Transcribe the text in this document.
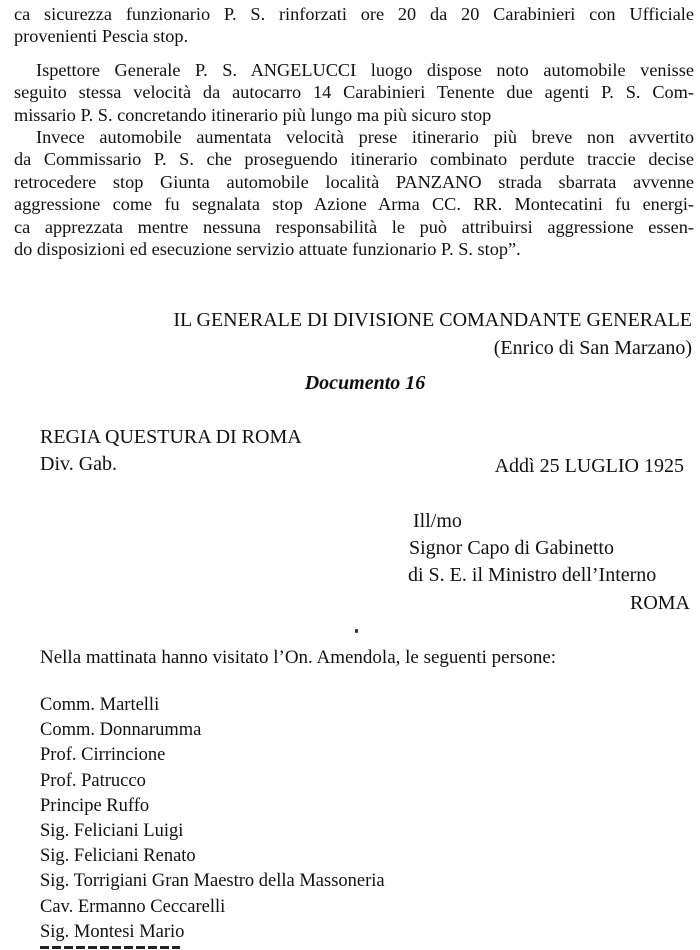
ca sicurezza funzionario P. S. rinforzati ore 20 da 20 Carabinieri con Ufficiale
provenienti Pescia stop.
Ispettore Generale P. S. ANGELUCCI luogo dispose noto automobile venisse
seguito stessa velocità da autocarro 14 Carabinieri Tenente due agenti P. S. Com-
missario P. S. concretando itinerario più lungo ma più sicuro stop
Invece automobile aumentata velocità prese itinerario più breve non avvertito
da Commissario P. S. che proseguendo itinerario combinato perdute traccie decise
retrocedere stop Giunta automobile località PANZANO strada sbarrata avvenne
aggressione come fu segnalata stop Azione Arma CC. RR. Montecatini fu energi-
ca apprezzata mentre nessuna responsabilità le può attribuirsi aggressione essen-
do disposizioni ed esecuzione servizio attuate funzionario P. S. stop”.
IL GENERALE DI DIVISIONE COMANDANTE GENERALE
(Enrico di San Marzano)
Documento 16
REGIA QUESTURA DI ROMA
Div. Gab.	Addì 25 LUGLIO 1925
Ill/mo
Signor Capo di Gabinetto
di S. E. il Ministro dell’Interno
ROMA
Nella mattinata hanno visitato l’On. Amendola, le seguenti persone:
Comm. Martelli
Comm. Donnarumma
Prof. Cirrincione
Prof. Patrucco
Principe Ruffo
Sig. Feliciani Luigi
Sig. Feliciani Renato
Sig. Torrigiani Gran Maestro della Massoneria
Cav. Ermanno Ceccarelli
Sig. Montesi Mario
